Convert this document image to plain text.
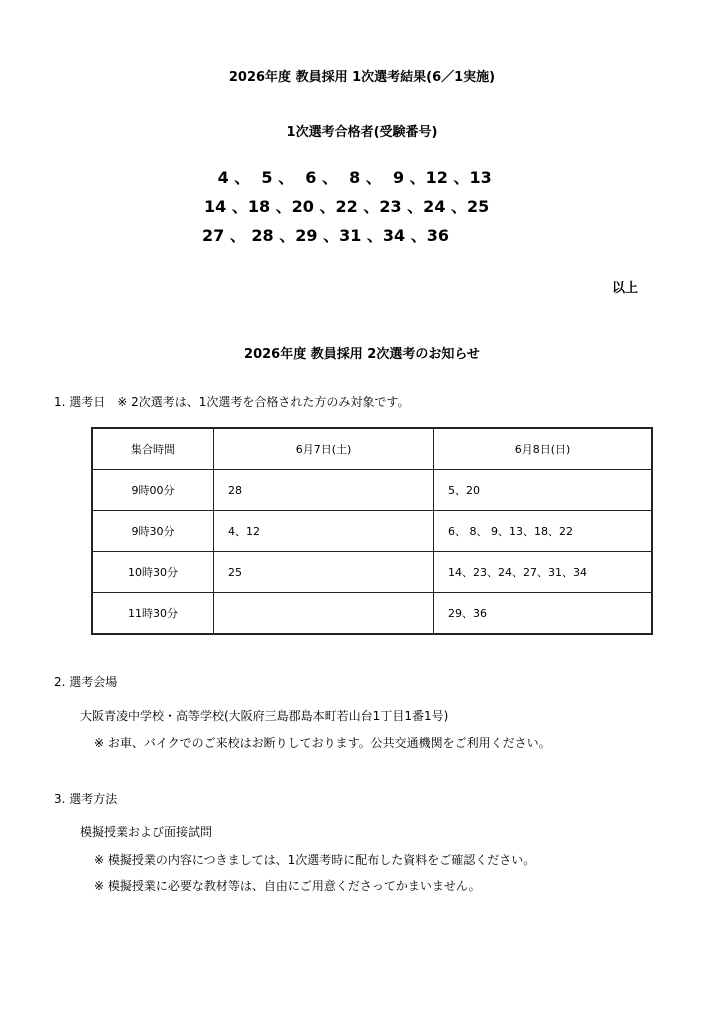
2026年度 教員採用 1次選考結果(6／1実施)
1次選考合格者(受験番号)
4 、  5 、  6 、  8 、  9 、12 、13
14 、18 、20 、22 、23 、24 、25
27 、 28 、29 、31 、34 、36
以上
2026年度 教員採用 2次選考のお知らせ
1. 選考日　※ 2次選考は、1次選考を合格された方のみ対象です。
集合時間	6月7日(土)	6月8日(日)
9時00分	28	5、20
9時30分	4、12	6、 8、 9、13、18、22
10時30分	25	14、23、24、27、31、34
11時30分		29、36
2. 選考会場
大阪青凌中学校・高等学校(大阪府三島郡島本町若山台1丁目1番1号)
※ お車、バイクでのご来校はお断りしております。公共交通機関をご利用ください。
3. 選考方法
模擬授業および面接試問
※ 模擬授業の内容につきましては、1次選考時に配布した資料をご確認ください。
※ 模擬授業に必要な教材等は、自由にご用意くださってかまいません。
